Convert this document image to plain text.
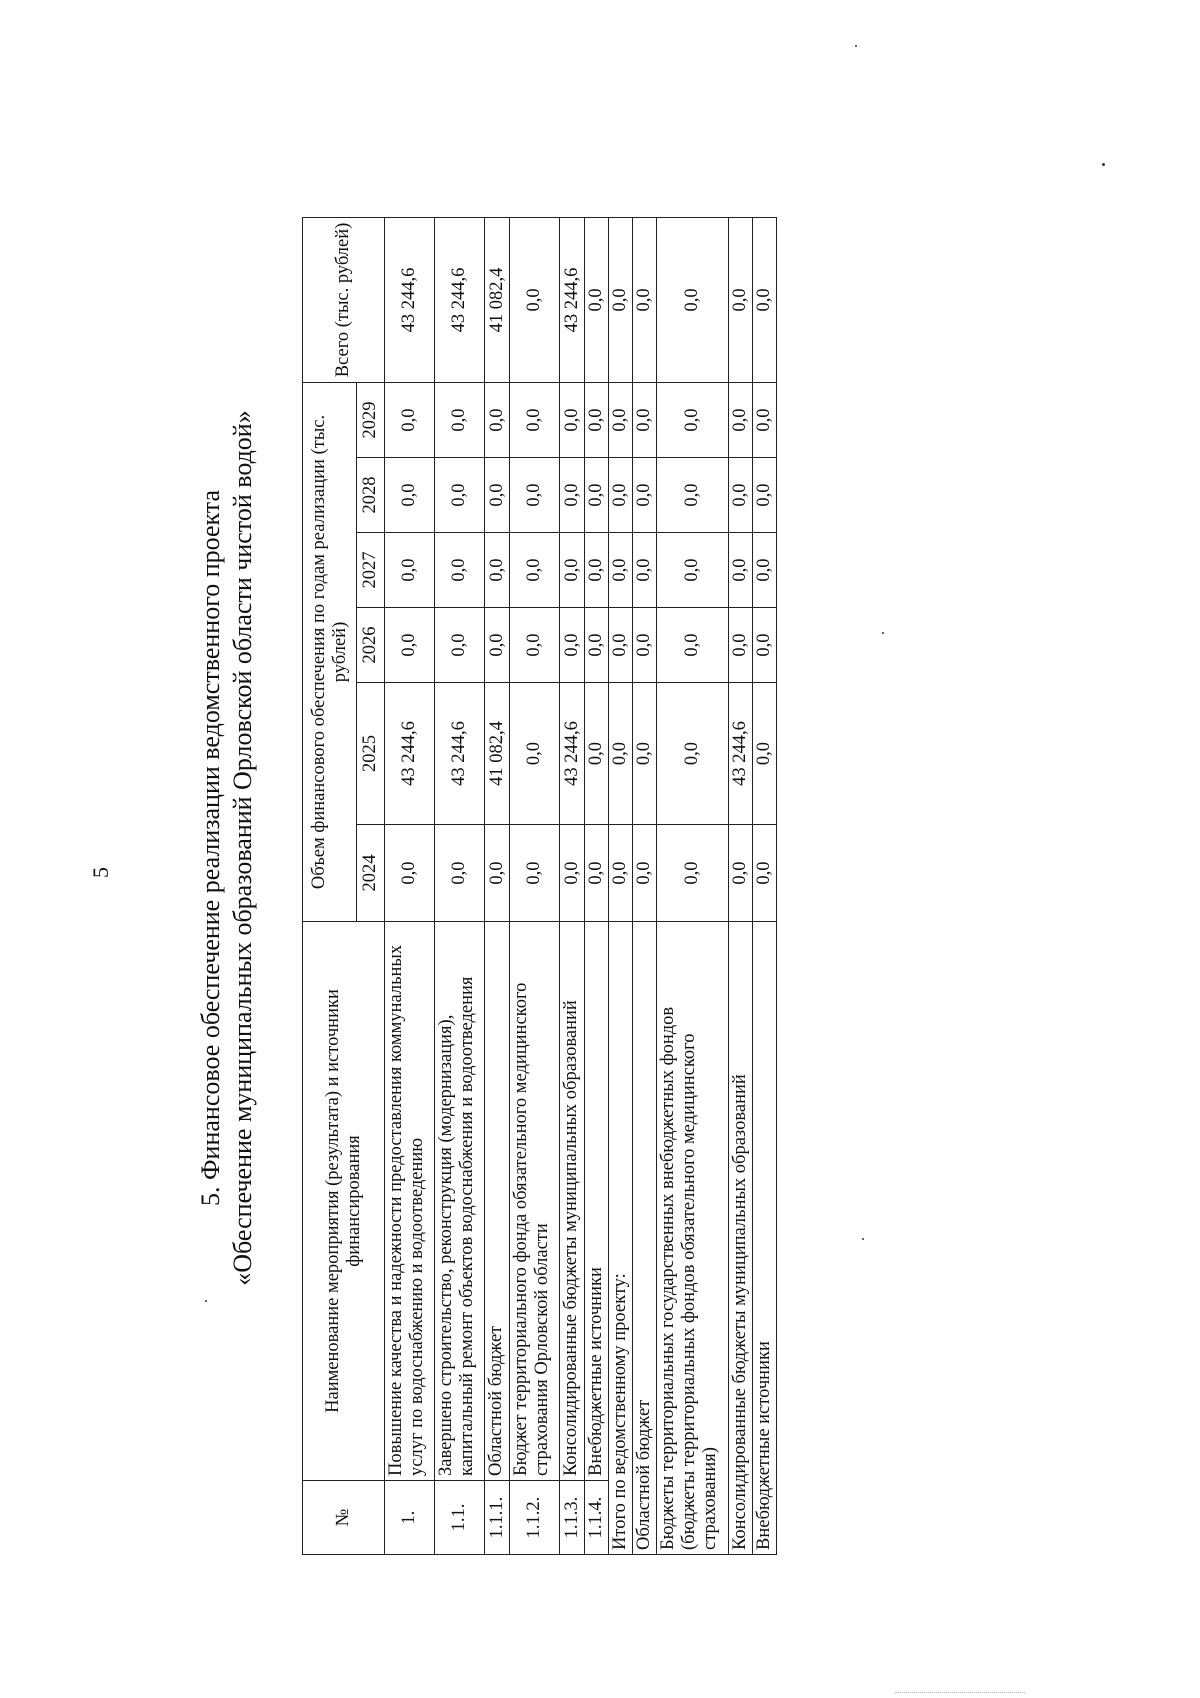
5	5. Финансовое обеспечение реализации ведомственного проекта «Обеспечение муниципальных образований Орловской области чистой водой»
№	Наименование мероприятия (результата) и источники финансирования	Объем финансового обеспечения по годам реализации (тыс. рублей)						Всего (тыс. рублей)
		2024	2025	2026	2027	2028	2029	
1.	Повышение качества и надежности предоставления коммунальных услуг по водоснабжению и водоотведению	0,0	43 244,6	0,0	0,0	0,0	0,0	43 244,6
1.1.	Завершено строительство, реконструкция (модернизация), капитальный ремонт объектов водоснабжения и водоотведения	0,0	43 244,6	0,0	0,0	0,0	0,0	43 244,6
1.1.1.	Областной бюджет	0,0	41 082,4	0,0	0,0	0,0	0,0	41 082,4
1.1.2.	Бюджет территориального фонда обязательного медицинского страхования Орловской области	0,0	0,0	0,0	0,0	0,0	0,0	0,0
1.1.3.	Консолидированные бюджеты муниципальных образований	0,0	43 244,6	0,0	0,0	0,0	0,0	43 244,6
1.1.4.	Внебюджетные источники	0,0	0,0	0,0	0,0	0,0	0,0	0,0
Итого по ведомственному проекту:		0,0	0,0	0,0	0,0	0,0	0,0	0,0
Областной бюджет		0,0	0,0	0,0	0,0	0,0	0,0	0,0
Бюджеты территориальных государственных внебюджетных фондов (бюджеты территориальных фондов обязательного медицинского страхования)		0,0	0,0	0,0	0,0	0,0	0,0	0,0
Консолидированные бюджеты муниципальных образований		0,0	43 244,6	0,0	0,0	0,0	0,0	0,0
Внебюджетные источники		0,0	0,0	0,0	0,0	0,0	0,0	0,0
